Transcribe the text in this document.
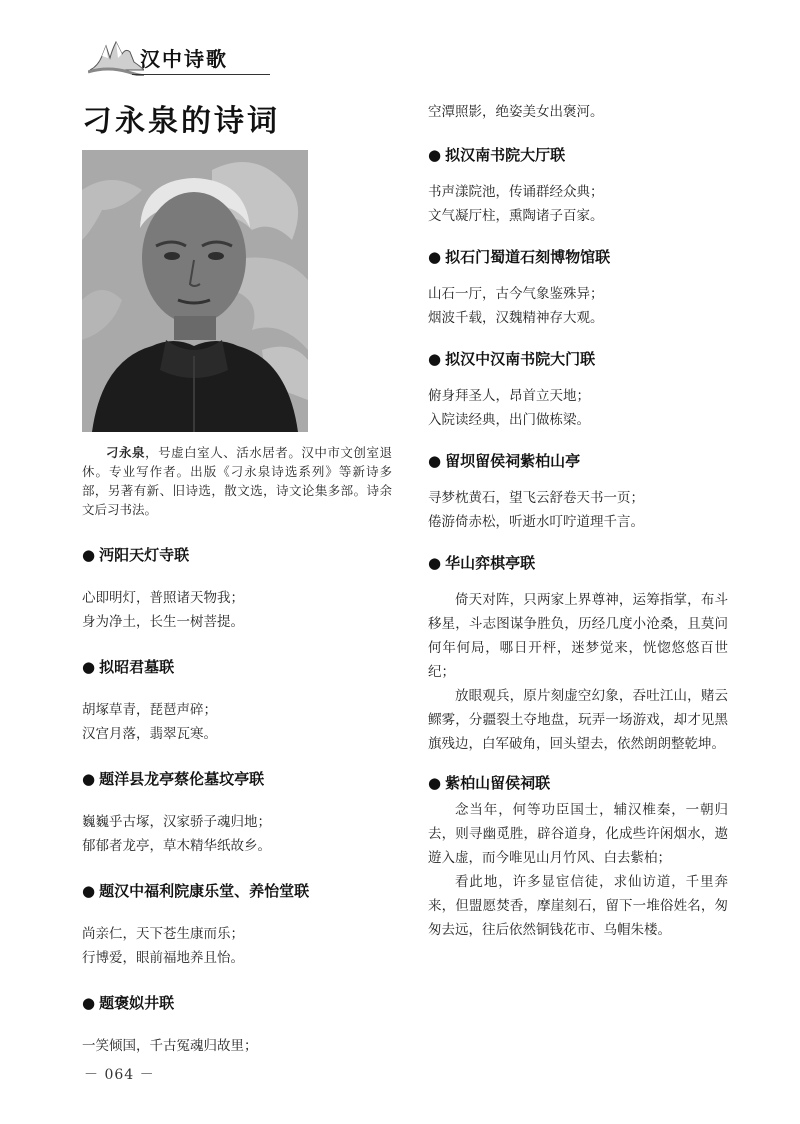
汉中诗歌
刁永泉的诗词
刁永泉，号虚白室人、活水居者。汉中市文创室退休。专业写作者。出版《刁永泉诗选系列》等新诗多部，另著有新、旧诗选，散文选，诗文论集多部。诗余文后习书法。
● 沔阳天灯寺联
心即明灯，普照诸天物我；
身为净土，长生一树菩提。
● 拟昭君墓联
胡塚草青，琵琶声碎；
汉宫月落，翡翠瓦寒。
● 题洋县龙亭蔡伦墓坟亭联
巍巍乎古塚，汉家骄子魂归地；
郁郁者龙亭，草木精华纸故乡。
● 题汉中福利院康乐堂、养怡堂联
尚亲仁，天下苍生康而乐；
行博爱，眼前福地养且怡。
● 题褒姒井联
一笑倾国，千古冤魂归故里；
空潭照影，绝姿美女出褒河。
● 拟汉南书院大厅联
书声漾院池，传诵群经众典；
文气凝厅柱，熏陶诸子百家。
● 拟石门蜀道石刻博物馆联
山石一厅，古今气象鉴殊异；
烟波千载，汉魏精神存大观。
● 拟汉中汉南书院大门联
俯身拜圣人，昂首立天地；
入院读经典，出门做栋梁。
● 留坝留侯祠紫柏山亭
寻梦枕黄石，望飞云舒卷天书一页；
倦游倚赤松，听逝水叮咛道理千言。
● 华山弈棋亭联

倚天对阵，只两家上界尊神，运筹指掌，布斗移星，斗志图谋争胜负，历经几度小沧桑，且莫问何年何局，哪日开枰，迷梦觉来，恍惚悠悠百世纪；

放眼观兵，原片刻虚空幻象，吞吐江山，赌云鳏雾，分疆裂土夺地盘，玩弄一场游戏，却才见黑旗残边，白军破角，回头望去，依然朗朗整乾坤。

● 紫柏山留侯祠联

念当年，何等功臣国士，辅汉椎秦，一朝归去，则寻幽觅胜，辟谷道身，化成些许闲烟水，遨遊入虚，而今唯见山月竹风、白去紫柏；

看此地，许多显宦信徒，求仙访道，千里奔来，但盟愿焚香，摩崖刻石，留下一堆俗姓名，匆匆去远，往后依然铜钱花市、乌帽朱楼。

－ 064 －
